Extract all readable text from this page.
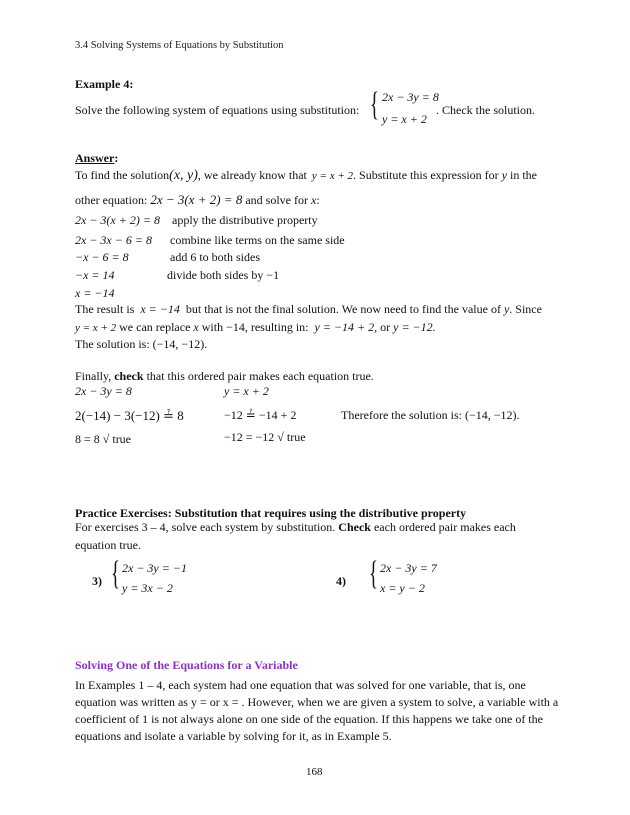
3.4 Solving Systems of Equations by Substitution
Example 4:
Solve the following system of equations using substitution: { 2x − 3y = 8
y = x + 2
. Check the solution.
Answer:
To find the solution(x, y), we already know that y = x + 2. Substitute this expression for y in the
other equation: 2x − 3(x + 2) = 8 and solve for x:
2x − 3(x + 2) = 8 apply the distributive property
2x − 3x − 6 = 8 combine like terms on the same side
−x − 6 = 8	add 6 to both sides
−x = 14	divide both sides by −1
x = −14
The result is x = −14 but that is not the final solution. We now need to find the value of y. Since
y = x + 2 we can replace x with −14, resulting in: y = −14 + 2, or y = −12.
The solution is: (−14, −12).
Finally, check that this ordered pair makes each equation true.
2x − 3y = 8	y = x + 2
2(−14) − 3(−12) ≟ 8	−12 ≟ −14 + 2	Therefore the solution is: (−14, −12).
8 = 8 √ true	−12 = −12 √ true
Practice Exercises: Substitution that requires using the distributive property
For exercises 3 – 4, solve each system by substitution. Check each ordered pair makes each
equation true.
3) { 2x − 3y = −1
y = 3x − 2	4) { 2x − 3y = 7
x = y − 2
Solving One of the Equations for a Variable
In Examples 1 – 4, each system had one equation that was solved for one variable, that is, one equation was written as y = or x = . However, when we are given a system to solve, a variable with a coefficient of 1 is not always alone on one side of the equation. If this happens we take one of the equations and isolate a variable by solving for it, as in Example 5.
168
